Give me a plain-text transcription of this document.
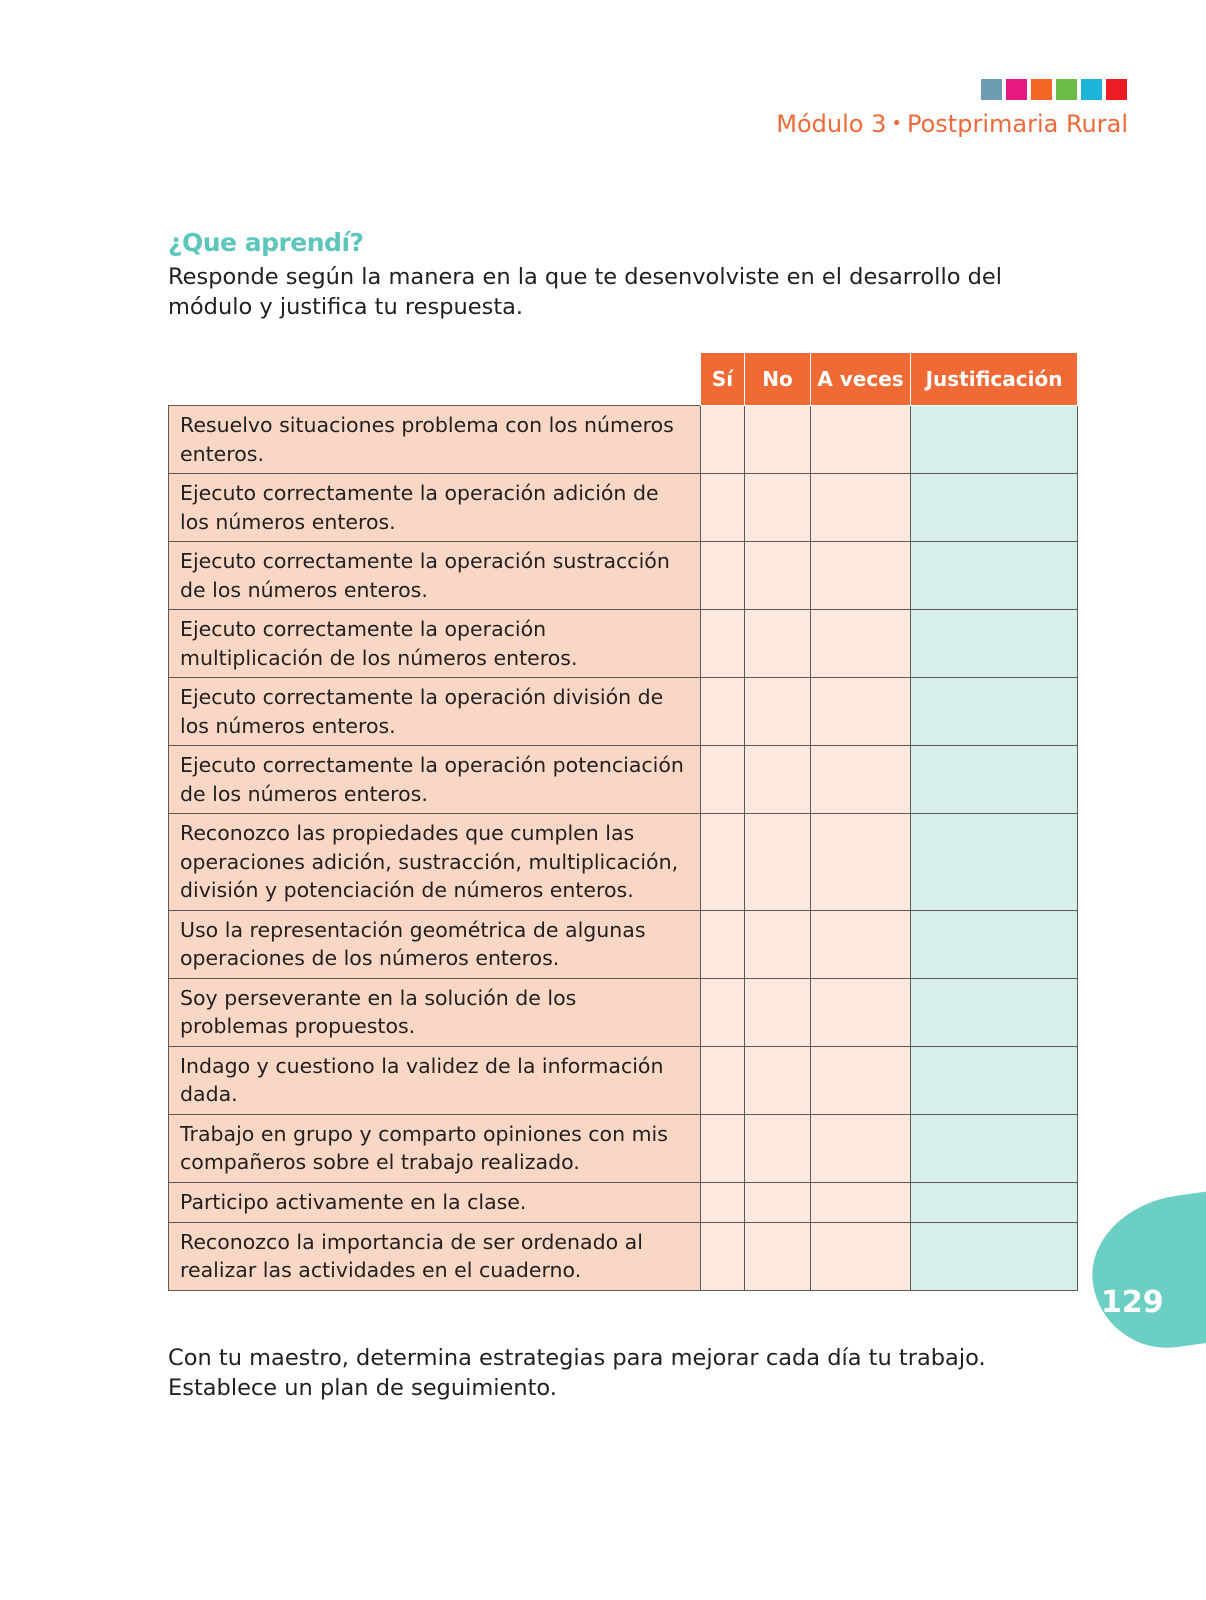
Módulo 3 • Postprimaria Rural
¿Que aprendí?

Responde según la manera en la que te desenvolviste en el desarrollo del módulo y justifica tu respuesta.

	Sí	No	A veces	Justificación
Resuelvo situaciones problema con los números enteros.				
Ejecuto correctamente la operación adición de los números enteros.				
Ejecuto correctamente la operación sustracción de los números enteros.				
Ejecuto correctamente la operación multiplicación de los números enteros.				
Ejecuto correctamente la operación división de los números enteros.				
Ejecuto correctamente la operación potenciación de los números enteros.				
Reconozco las propiedades que cumplen las operaciones adición, sustracción, multiplicación, división y potenciación de números enteros.				
Uso la representación geométrica de algunas operaciones de los números enteros.				
Soy perseverante en la solución de los problemas propuestos.				
Indago y cuestiono la validez de la información dada.				
Trabajo en grupo y comparto opiniones con mis compañeros sobre el trabajo realizado.				
Participo activamente en la clase.				
Reconozco la importancia de ser ordenado al realizar las actividades en el cuaderno.				

Con tu maestro, determina estrategias para mejorar cada día tu trabajo. Establece un plan de seguimiento.

129
